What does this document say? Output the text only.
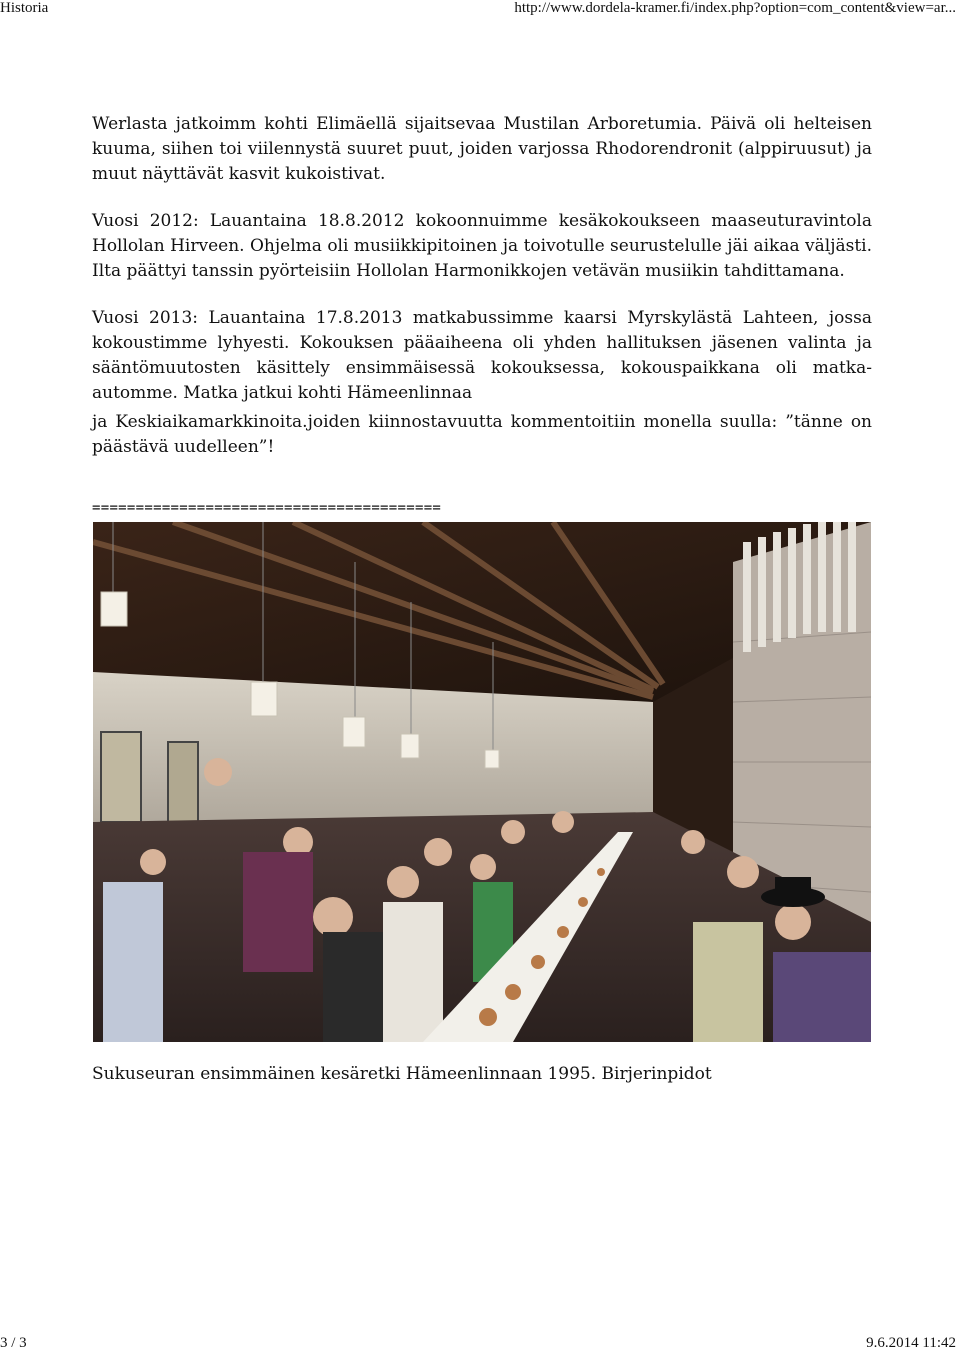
Historia	http://www.dordela-kramer.fi/index.php?option=com_content&view=ar...

Werlasta jatkoimm kohti Elimäellä sijaitsevaa Mustilan Arboretumia. Päivä oli helteisen kuuma, siihen toi viilennystä suuret puut, joiden varjossa Rhodorendronit (alppiruusut) ja muut näyttävät kasvit kukoistivat.

Vuosi 2012: Lauantaina 18.8.2012 kokoonnuimme kesäkokoukseen maaseuturavintola Hollolan Hirveen. Ohjelma oli musiikkipitoinen ja toivotulle seurustelulle jäi aikaa väljästi. Ilta päättyi tanssin pyörteisiin Hollolan Harmonikkojen vetävän musiikin tahdittamana.

Vuosi 2013: Lauantaina 17.8.2013 matkabussimme kaarsi Myrskylästä Lahteen, jossa kokoustimme lyhyesti. Kokouksen pääaiheena oli yhden hallituksen jäsenen valinta ja sääntömuutosten käsittely ensimmäisessä kokouksessa, kokouspaikkana oli matka-automme. Matka jatkui kohti Hämeenlinnaa

ja Keskiaikamarkkinoita.joiden kiinnostavuutta kommentoitiin monella suulla: ”tänne on päästävä uudelleen”!

========================================
Sukuseuran ensimmäinen kesäretki Hämeenlinnaan 1995. Birjerinpidot
3 / 3	9.6.2014 11:42
